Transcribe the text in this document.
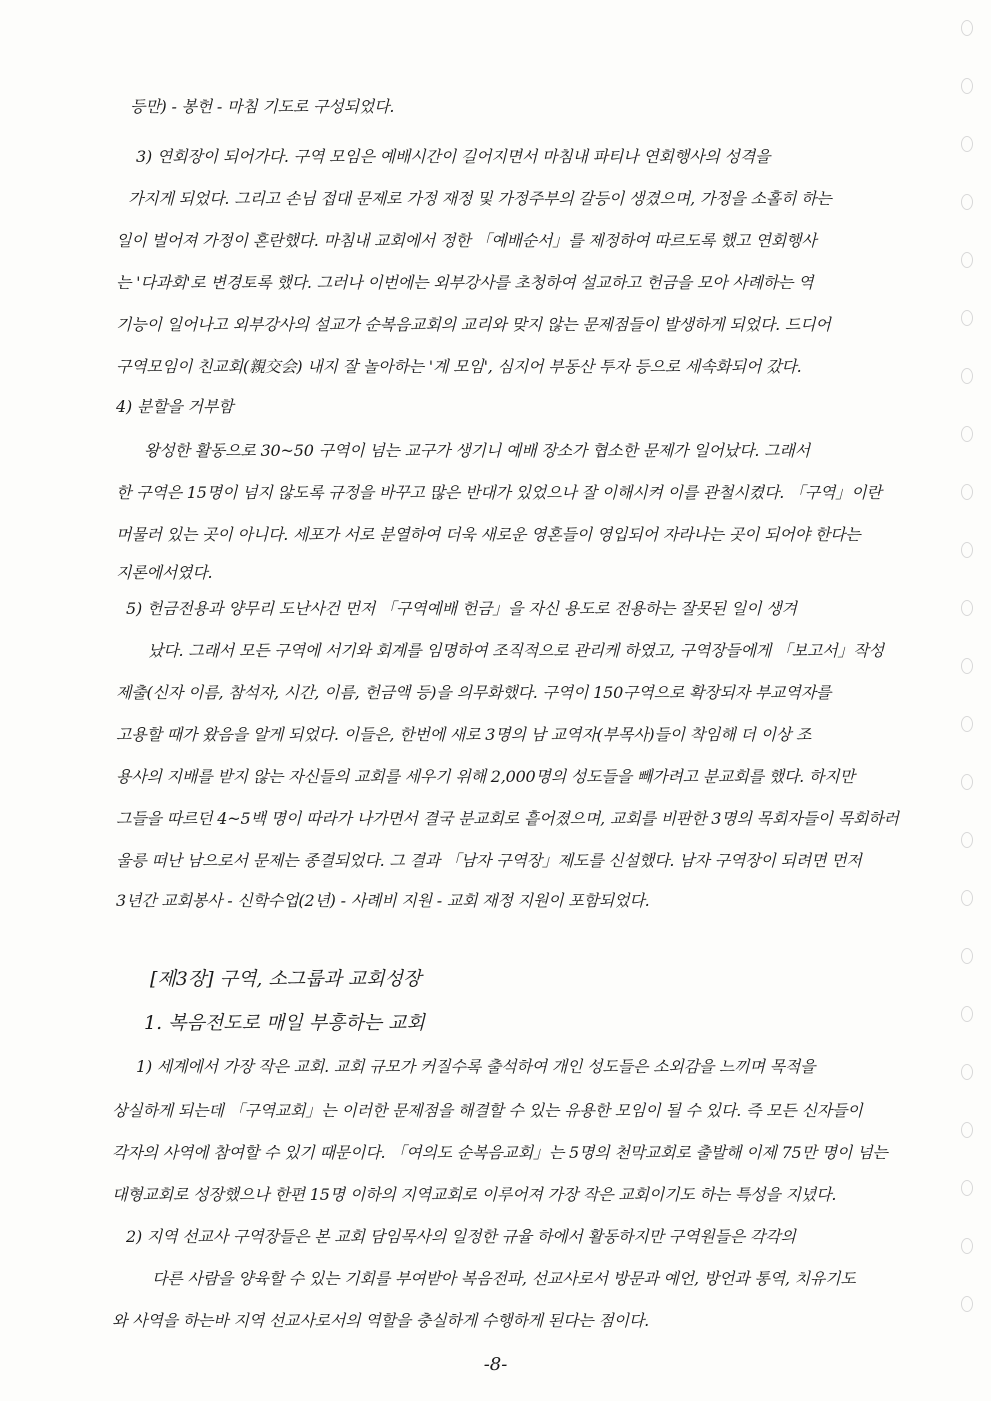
등만) - 봉헌 - 마침 기도로 구성되었다.
3) 연회장이 되어가다. 구역 모임은 예배시간이 길어지면서 마침내 파티나 연회행사의 성격을
가지게 되었다. 그리고 손님 접대 문제로 가정 재정 및 가정주부의 갈등이 생겼으며, 가정을 소홀히 하는
일이 벌어져 가정이 혼란했다. 마침내 교회에서 정한 「예배순서」를 제정하여 따르도록 했고 연회행사
는 '다과회'로 변경토록 했다. 그러나 이번에는 외부강사를 초청하여 설교하고 헌금을 모아 사례하는 역
기능이 일어나고 외부강사의 설교가 순복음교회의 교리와 맞지 않는 문제점들이 발생하게 되었다. 드디어
구역모임이 친교회(親交会) 내지 잘 놀아하는 '계 모임', 심지어 부동산 투자 등으로 세속화되어 갔다.
4) 분할을 거부함
왕성한 활동으로 30~50 구역이 넘는 교구가 생기니 예배 장소가 협소한 문제가 일어났다. 그래서
한 구역은 15명이 넘지 않도록 규정을 바꾸고 많은 반대가 있었으나 잘 이해시켜 이를 관철시켰다. 「구역」이란
머물러 있는 곳이 아니다. 세포가 서로 분열하여 더욱 새로운 영혼들이 영입되어 자라나는 곳이 되어야 한다는
지론에서였다.
5) 헌금전용과 양무리 도난사건 먼저 「구역예배 헌금」을 자신 용도로 전용하는 잘못된 일이 생겨
났다. 그래서 모든 구역에 서기와 회계를 임명하여 조직적으로 관리케 하였고, 구역장들에게 「보고서」작성
제출(신자 이름, 참석자, 시간, 이름, 헌금액 등)을 의무화했다. 구역이 150구역으로 확장되자 부교역자를
고용할 때가 왔음을 알게 되었다. 이들은, 한번에 새로 3명의 남 교역자(부목사)들이 착임해 더 이상 조
용사의 지배를 받지 않는 자신들의 교회를 세우기 위해 2,000명의 성도들을 빼가려고 분교회를 했다. 하지만
그들을 따르던 4~5백 명이 따라가 나가면서 결국 분교회로 흩어졌으며, 교회를 비판한 3명의 목회자들이 목회하러
울릉 떠난 남으로서 문제는 종결되었다. 그 결과 「남자 구역장」제도를 신설했다. 남자 구역장이 되려면 먼저
3년간 교회봉사 - 신학수업(2년) - 사례비 지원 - 교회 재정 지원이 포함되었다.
[제3장] 구역, 소그룹과 교회성장
1. 복음전도로 매일 부흥하는 교회
1) 세계에서 가장 작은 교회. 교회 규모가 커질수록 출석하여 개인 성도들은 소외감을 느끼며 목적을
상실하게 되는데 「구역교회」는 이러한 문제점을 해결할 수 있는 유용한 모임이 될 수 있다. 즉 모든 신자들이
각자의 사역에 참여할 수 있기 때문이다. 「여의도 순복음교회」는 5명의 천막교회로 출발해 이제 75만 명이 넘는
대형교회로 성장했으나 한편 15명 이하의 지역교회로 이루어져 가장 작은 교회이기도 하는 특성을 지녔다.
2) 지역 선교사 구역장들은 본 교회 담임목사의 일정한 규율 하에서 활동하지만 구역원들은 각각의
다른 사람을 양육할 수 있는 기회를 부여받아 복음전파, 선교사로서 방문과 예언, 방언과 통역, 치유기도
와 사역을 하는바 지역 선교사로서의 역할을 충실하게 수행하게 된다는 점이다.
-8-
